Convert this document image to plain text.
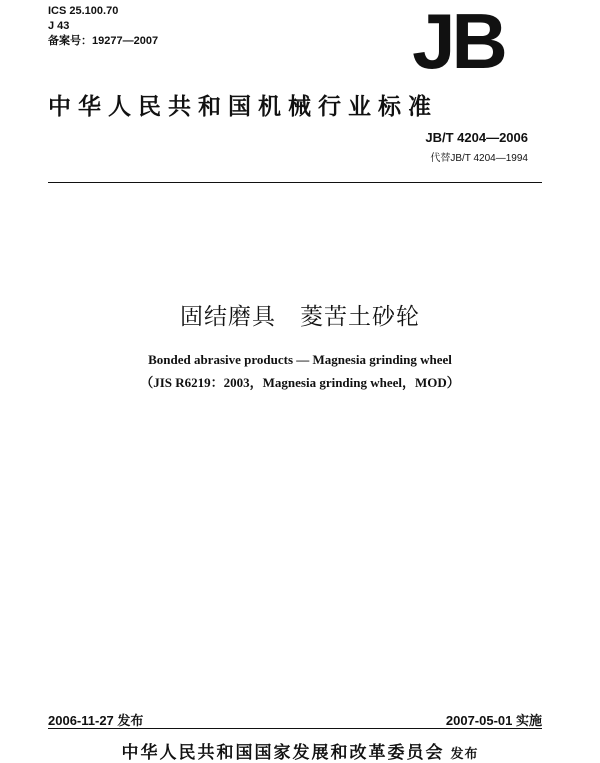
ICS 25.100.70
J 43
备案号：19277—2007	JB
中华人民共和国机械行业标准
JB/T 4204—2006
代替JB/T 4204—1994
固结磨具　菱苦土砂轮
Bonded abrasive products — Magnesia grinding wheel
（JIS R6219：2003，Magnesia grinding wheel，MOD）
2006-11-27 发布	2007-05-01 实施
中华人民共和国国家发展和改革委员会 发布
